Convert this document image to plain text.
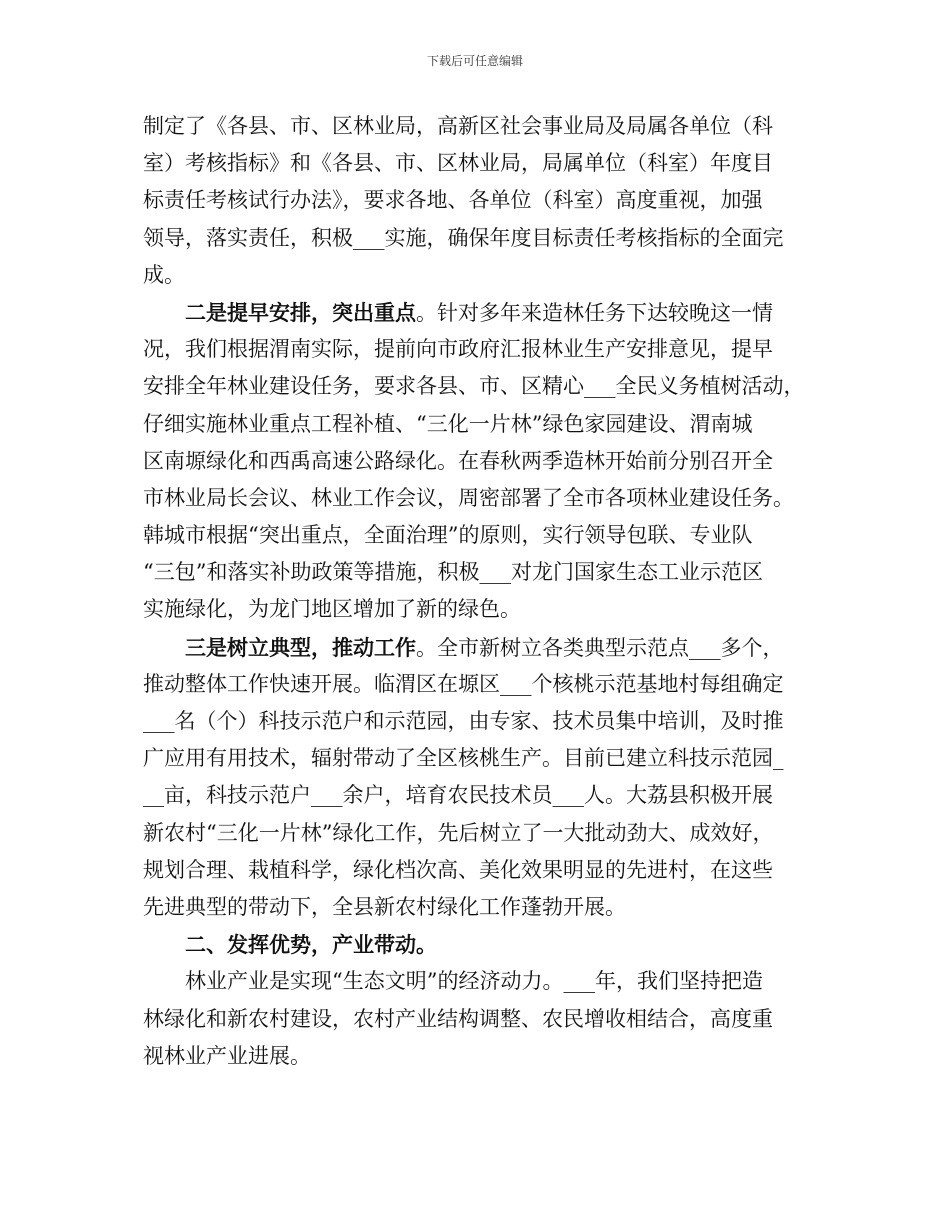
下载后可任意编辑
制定了《各县、市、区林业局，高新区社会事业局及局属各单位（科
室）考核指标》和《各县、市、区林业局，局属单位（科室）年度目
标责任考核试行办法》，要求各地、各单位（科室）高度重视，加强
领导，落实责任，积极___实施，确保年度目标责任考核指标的全面完
成。
二是提早安排，突出重点。针对多年来造林任务下达较晚这一情
况，我们根据渭南实际，提前向市政府汇报林业生产安排意见，提早
安排全年林业建设任务，要求各县、市、区精心___全民义务植树活动，
仔细实施林业重点工程补植、“三化一片林”绿色家园建设、渭南城
区南塬绿化和西禹高速公路绿化。在春秋两季造林开始前分别召开全
市林业局长会议、林业工作会议，周密部署了全市各项林业建设任务。
韩城市根据“突出重点，全面治理”的原则，实行领导包联、专业队
“三包”和落实补助政策等措施，积极___对龙门国家生态工业示范区
实施绿化，为龙门地区增加了新的绿色。
三是树立典型，推动工作。全市新树立各类典型示范点___多个，
推动整体工作快速开展。临渭区在塬区___个核桃示范基地村每组确定
___名（个）科技示范户和示范园，由专家、技术员集中培训，及时推
广应用有用技术，辐射带动了全区核桃生产。目前已建立科技示范园_
__亩，科技示范户___余户，培育农民技术员___人。大荔县积极开展
新农村“三化一片林”绿化工作，先后树立了一大批动劲大、成效好，
规划合理、栽植科学，绿化档次高、美化效果明显的先进村，在这些
先进典型的带动下，全县新农村绿化工作蓬勃开展。
二、发挥优势，产业带动。
林业产业是实现“生态文明”的经济动力。___年，我们坚持把造
林绿化和新农村建设，农村产业结构调整、农民增收相结合，高度重
视林业产业进展。
